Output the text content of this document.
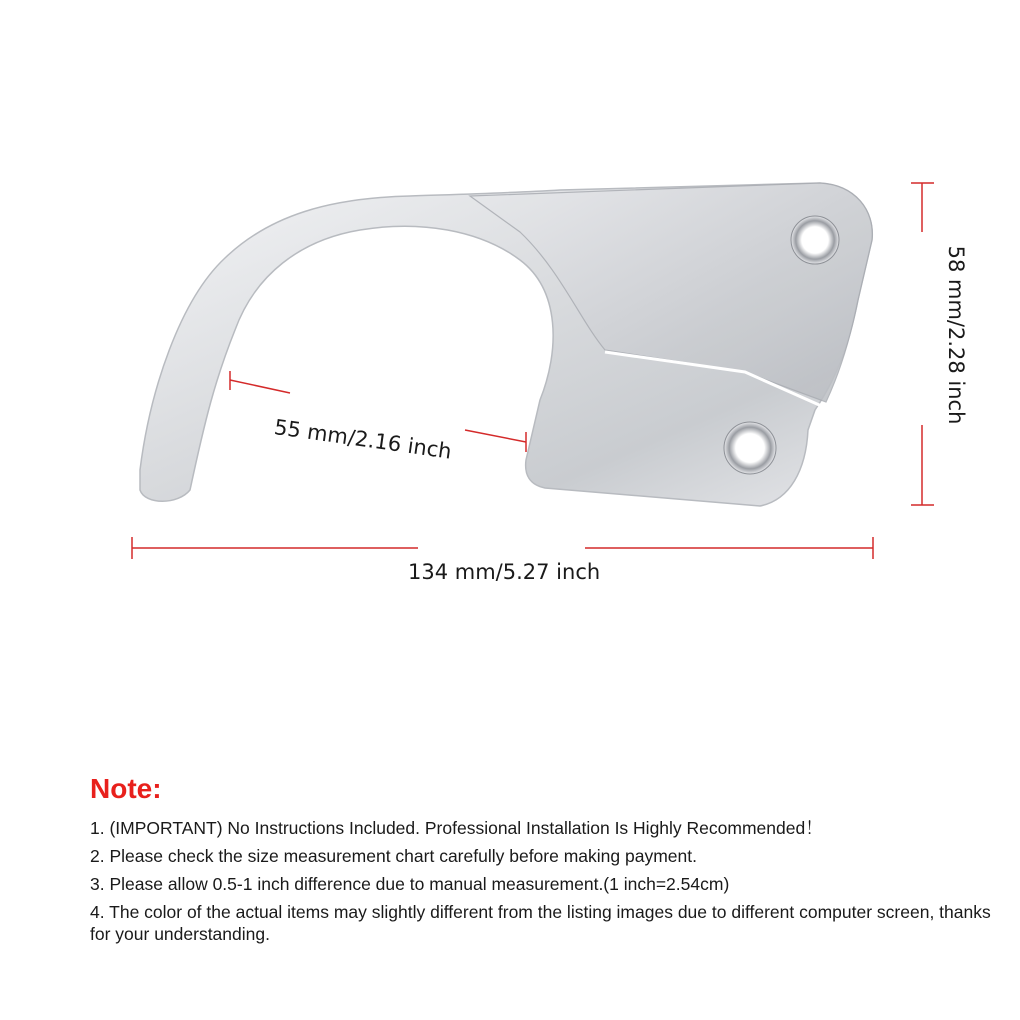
55 mm/2.16 inch
134 mm/5.27 inch
58 mm/2.28 inch
Note:

1. (IMPORTANT) No Instructions Included. Professional Installation Is Highly Recommended！

2. Please check the size measurement chart carefully before making payment.

3. Please allow 0.5-1 inch difference due to manual measurement.(1 inch=2.54cm)

4. The color of the actual items may slightly different from the listing images due to different computer screen, thanks for your understanding.
